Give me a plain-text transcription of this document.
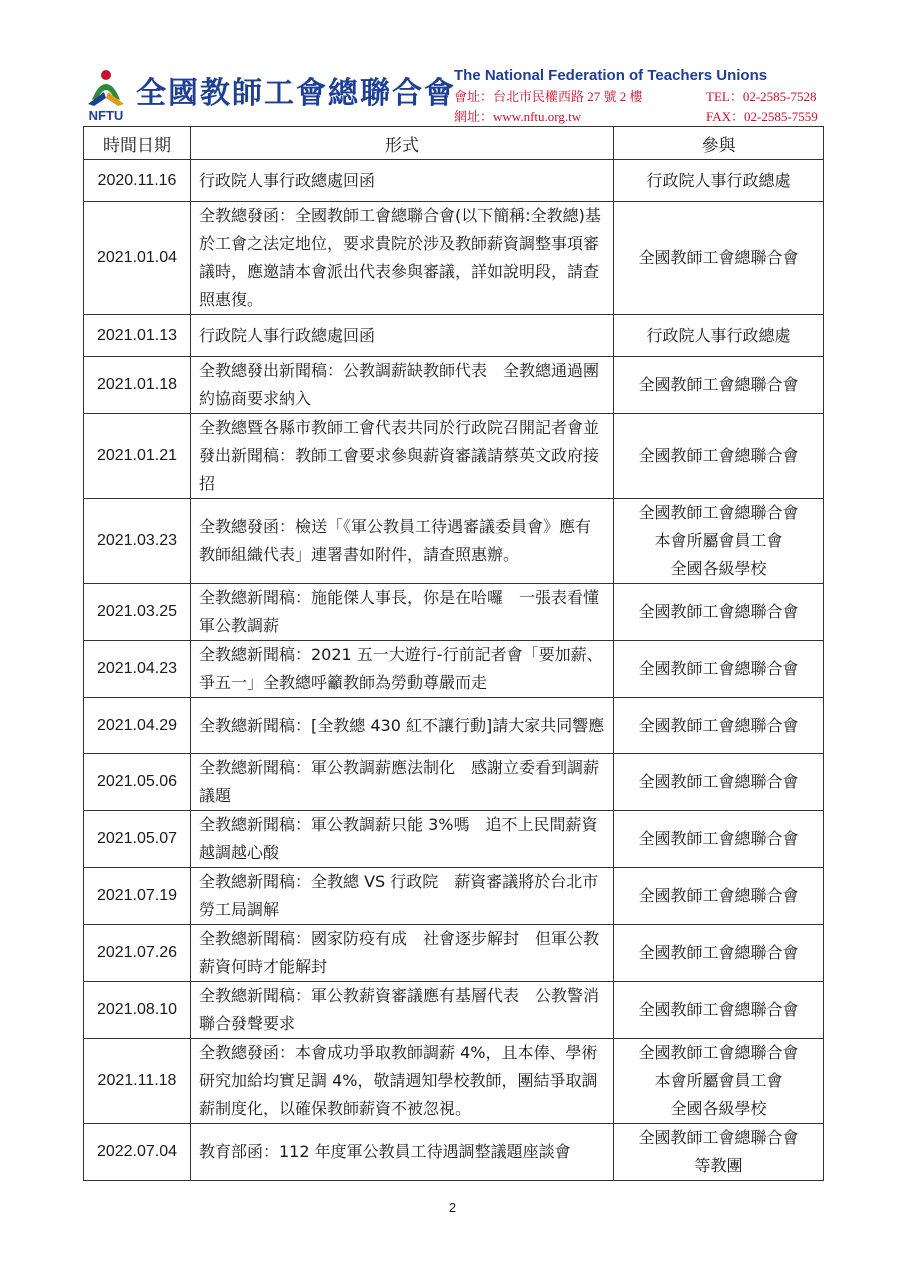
NFTU
全國教師工會總聯合會
The National Federation of Teachers Unions
會址：台北市民權西路 27 號 2 樓
網址：www.nftu.org.tw
TEL：02-2585-7528
FAX：02-2585-7559
時間日期	形式	參與
2020.11.16	行政院人事行政總處回函	行政院人事行政總處

2021.01.04	全教總發函：全國教師工會總聯合會(以下簡稱:全教總)基於工會之法定地位，要求貴院於涉及教師薪資調整事項審議時，應邀請本會派出代表參與審議，詳如說明段，請查照惠復。	全國教師工會總聯合會

2021.01.13	行政院人事行政總處回函	行政院人事行政總處

2021.01.18	全教總發出新聞稿：公教調薪缺教師代表　全教總通過團約協商要求納入	全國教師工會總聯合會

2021.01.21	全教總暨各縣市教師工會代表共同於行政院召開記者會並發出新聞稿：教師工會要求參與薪資審議請蔡英文政府接招	全國教師工會總聯合會

2021.03.23	全教總發函：檢送「《軍公教員工待遇審議委員會》應有教師組織代表」連署書如附件，請查照惠辦。	全國教師工會總聯合會
本會所屬會員工會
全國各級學校

2021.03.25	全教總新聞稿：施能傑人事長，你是在哈囉　一張表看懂軍公教調薪	全國教師工會總聯合會

2021.04.23	全教總新聞稿：2021 五一大遊行-行前記者會「要加薪、爭五一」全教總呼籲教師為勞動尊嚴而走	全國教師工會總聯合會

2021.04.29	全教總新聞稿：[全教總 430 紅不讓行動]請大家共同響應	全國教師工會總聯合會

2021.05.06	全教總新聞稿：軍公教調薪應法制化　感謝立委看到調薪議題	全國教師工會總聯合會

2021.05.07	全教總新聞稿：軍公教調薪只能 3%嗎　追不上民間薪資　越調越心酸	全國教師工會總聯合會

2021.07.19	全教總新聞稿：全教總 VS 行政院　薪資審議將於台北市勞工局調解	全國教師工會總聯合會

2021.07.26	全教總新聞稿：國家防疫有成　社會逐步解封　但軍公教薪資何時才能解封	全國教師工會總聯合會

2021.08.10	全教總新聞稿：軍公教薪資審議應有基層代表　公教警消聯合發聲要求	全國教師工會總聯合會

2021.11.18	全教總發函：本會成功爭取教師調薪 4%，且本俸、學術研究加給均實足調 4%，敬請週知學校教師，團結爭取調薪制度化，以確保教師薪資不被忽視。	全國教師工會總聯合會
本會所屬會員工會
全國各級學校

2022.07.04	教育部函：112 年度軍公教員工待遇調整議題座談會	全國教師工會總聯合會
等教團
2
